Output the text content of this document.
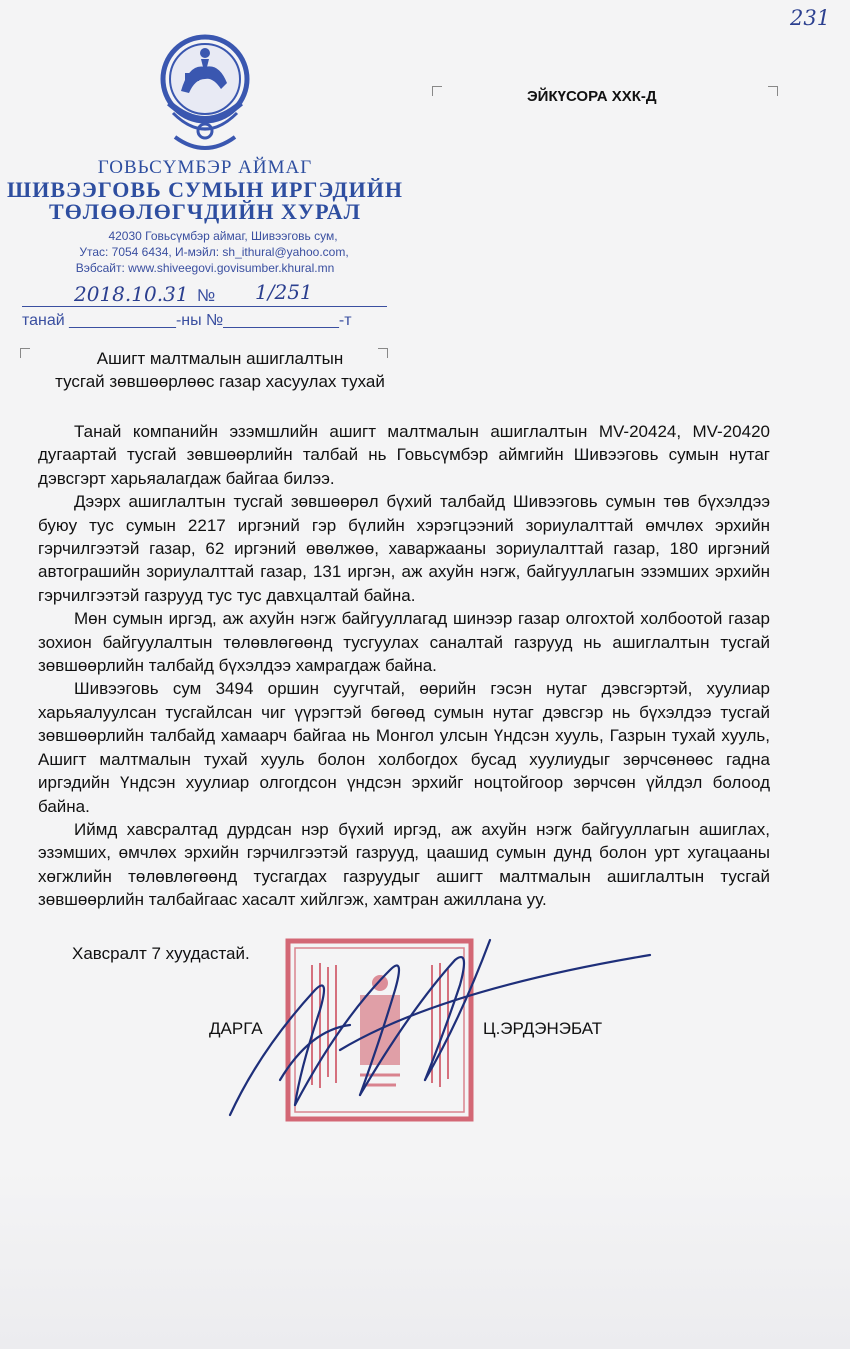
231
ГОВЬСҮМБЭР АЙМАГ
ШИВЭЭГОВЬ СУМЫН ИРГЭДИЙН
ТӨЛӨӨЛӨГЧДИЙН ХУРАЛ
42030 Говьсүмбэр аймаг, Шивээговь сум,
Утас: 7054 6434, И-мэйл: sh_ithural@yahoo.com,
Вэбсайт: www.shiveegovi.govisumber.khural.mn
2018.10.31 № 1/251
танай ____________-ны №_____________-т
ЭЙКҮСОРА ХХК-Д
Ашигт малтмалын ашиглалтын
тусгай зөвшөөрлөөс газар хасуулах тухай

Танай компанийн эзэмшлийн ашигт малтмалын ашиглалтын MV-20424, MV-20420 дугаартай тусгай зөвшөөрлийн талбай нь Говьсүмбэр аймгийн Шивээговь сумын нутаг дэвсгэрт харьяалагдаж байгаа билээ.

Дээрх ашиглалтын тусгай зөвшөөрөл бүхий талбайд Шивээговь сумын төв бүхэлдээ буюу тус сумын 2217 иргэний гэр бүлийн хэрэгцээний зориулалттай өмчлөх эрхийн гэрчилгээтэй газар, 62 иргэний өвөлжөө, хаваржааны зориулалттай газар, 180 иргэний автограшийн зориулалттай газар, 131 иргэн, аж ахуйн нэгж, байгууллагын эзэмших эрхийн гэрчилгээтэй газрууд тус тус давхцалтай байна.

Мөн сумын иргэд, аж ахуйн нэгж байгууллагад шинээр газар олгохтой холбоотой газар зохион байгуулалтын төлөвлөгөөнд тусгуулах саналтай газрууд нь ашиглалтын тусгай зөвшөөрлийн талбайд бүхэлдээ хамрагдаж байна.

Шивээговь сум 3494 оршин суугчтай, өөрийн гэсэн нутаг дэвсгэртэй, хуулиар харьяалуулсан тусгайлсан чиг үүрэгтэй бөгөөд сумын нутаг дэвсгэр нь бүхэлдээ тусгай зөвшөөрлийн талбайд хамаарч байгаа нь Монгол улсын Үндсэн хууль, Газрын тухай хууль, Ашигт малтмалын тухай хууль болон холбогдох бусад хуулиудыг зөрчсөнөөс гадна иргэдийн Үндсэн хуулиар олгогдсон үндсэн эрхийг ноцтойгоор зөрчсөн үйлдэл болоод байна.

Иймд хавсралтад дурдсан нэр бүхий иргэд, аж ахуйн нэгж байгууллагын ашиглах, эзэмших, өмчлөх эрхийн гэрчилгээтэй газрууд, цаашид сумын дунд болон урт хугацааны хөгжлийн төлөвлөгөөнд тусгагдах газруудыг ашигт малтмалын ашиглалтын тусгай зөвшөөрлийн талбайгаас хасалт хийлгэж, хамтран ажиллана уу.

Хавсралт 7 хуудастай.
ДАРГА	Ц.ЭРДЭНЭБАТ
